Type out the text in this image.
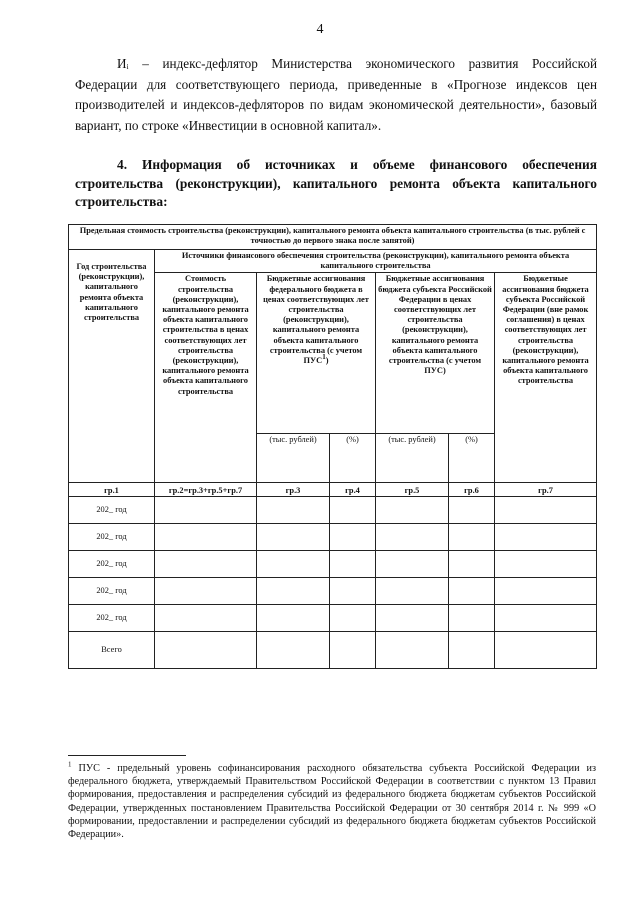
4
Иᵢ – индекс-дефлятор Министерства экономического развития Российской Федерации для соответствующего периода, приведенные в «Прогнозе индексов цен производителей и индексов-дефляторов по видам экономической деятельности», базовый вариант, по строке «Инвестиции в основной капитал».
4. Информация об источниках и объеме финансового обеспечения строительства (реконструкции), капитального ремонта объекта капитального строительства:
Предельная стоимость строительства (реконструкции), капитального ремонта объекта капитального строительства (в тыс. рублей с точностью до первого знака после запятой)						
Год строительства (реконструкции), капитального ремонта объекта капитального строительства	Источники финансового обеспечения строительства (реконструкции), капитального ремонта объекта капитального строительства					
	Стоимость строительства (реконструкции), капитального ремонта объекта капитального строительства в ценах соответствующих лет строительства (реконструкции), капитального ремонта объекта капитального строительства	Бюджетные ассигнования федерального бюджета в ценах соответствующих лет строительства (реконструкции), капитального ремонта объекта капитального строительства (с учетом ПУС$^1$)		Бюджетные ассигнования бюджета субъекта Российской Федерации в ценах соответствующих лет строительства (реконструкции), капитального ремонта объекта капитального строительства (с учетом ПУС)		Бюджетные ассигнования бюджета субъекта Российской Федерации (вне рамок соглашения) в ценах соответствующих лет строительства (реконструкции), капитального ремонта объекта капитального строительства
		(тыс. рублей)	(%)	(тыс. рублей)	(%)	
гр.1	гр.2=гр.3+гр.5+гр.7	гр.3	гр.4	гр.5	гр.6	гр.7
202_ год						
202_ год						
202_ год						
202_ год						
202_ год						
Всего						
$^1$ ПУС - предельный уровень софинансирования расходного обязательства субъекта Российской Федерации из федерального бюджета, утверждаемый Правительством Российской Федерации в соответствии с пунктом 13 Правил формирования, предоставления и распределения субсидий из федерального бюджета бюджетам субъектов Российской Федерации, утвержденных постановлением Правительства Российской Федерации от 30 сентября 2014 г. № 999 «О формировании, предоставлении и распределении субсидий из федерального бюджета бюджетам субъектов Российской Федерации».
